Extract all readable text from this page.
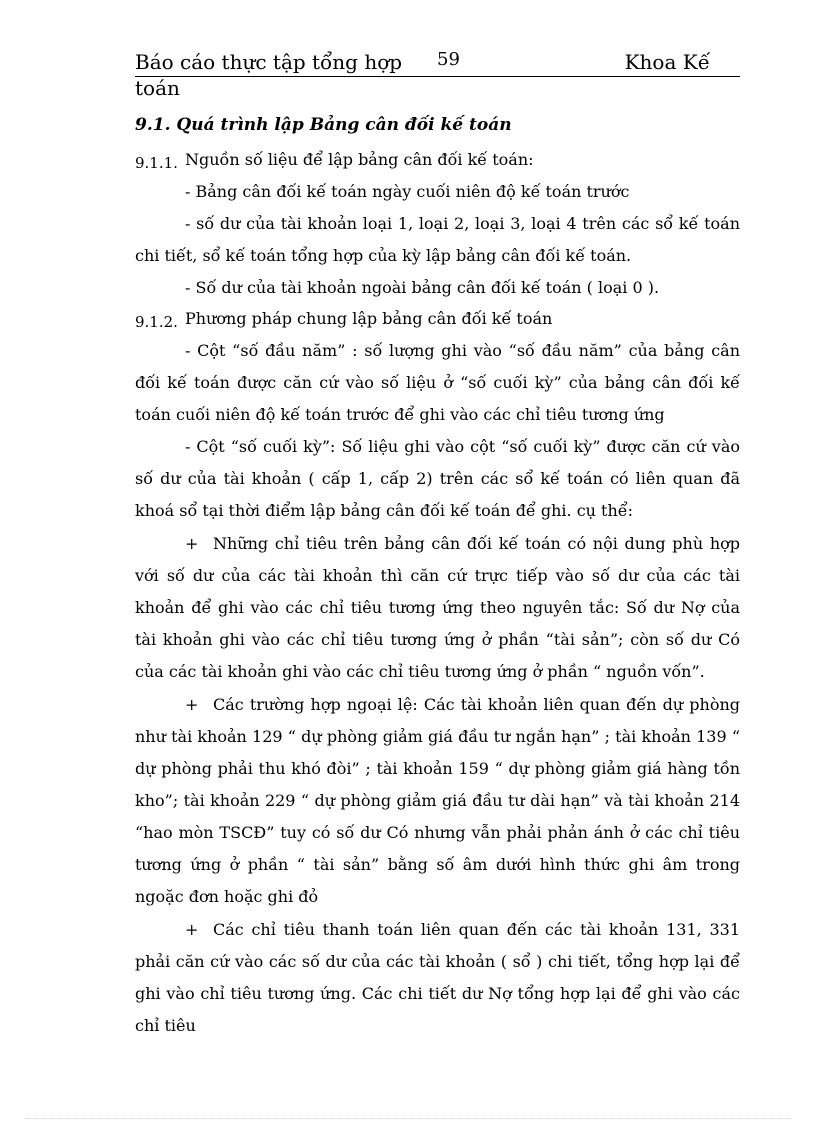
Báo cáo thực tập tổng hợp 59	Khoa Kế
toán
9.1. Quá trình lập Bảng cân đối kế toán

9.1.1. Nguồn số liệu để lập bảng cân đối kế toán:

- Bảng cân đối kế toán ngày cuối niên độ kế toán trước

- số dư của tài khoản loại 1, loại 2, loại 3, loại 4 trên các sổ kế toán chi tiết, sổ kế toán tổng hợp của kỳ lập bảng cân đối kế toán.

- Số dư của tài khoản ngoài bảng cân đối kế toán ( loại 0 ).

9.1.2. Phương pháp chung lập bảng cân đối kế toán

- Cột “số đầu năm” : số lượng ghi vào “số đầu năm” của bảng cân đối kế toán được căn cứ vào số liệu ở “số cuối kỳ” của bảng cân đối kế toán cuối niên độ kế toán trước để ghi vào các chỉ tiêu tương ứng

- Cột “số cuối kỳ”: Số liệu ghi vào cột “số cuối kỳ” được căn cứ vào số dư của tài khoản ( cấp 1, cấp 2) trên các sổ kế toán có liên quan đã khoá sổ tại thời điểm lập bảng cân đối kế toán để ghi. cụ thể:

+ Những chỉ tiêu trên bảng cân đối kế toán có nội dung phù hợp với số dư của các tài khoản thì căn cứ trực tiếp vào số dư của các tài khoản để ghi vào các chỉ tiêu tương ứng theo nguyên tắc: Số dư Nợ của tài khoản ghi vào các chỉ tiêu tương ứng ở phần “tài sản”; còn số dư Có của các tài khoản ghi vào các chỉ tiêu tương ứng ở phần “ nguồn vốn”.

+ Các trường hợp ngoại lệ: Các tài khoản liên quan đến dự phòng như tài khoản 129 “ dự phòng giảm giá đầu tư ngắn hạn” ; tài khoản 139 “ dự phòng phải thu khó đòi” ; tài khoản 159 “ dự phòng giảm giá hàng tồn kho”; tài khoản 229 “ dự phòng giảm giá đầu tư dài hạn” và tài khoản 214 “hao mòn TSCĐ” tuy có số dư Có nhưng vẫn phải phản ánh ở các chỉ tiêu tương ứng ở phần “ tài sản” bằng số âm dưới hình thức ghi âm trong ngoặc đơn hoặc ghi đỏ

+ Các chỉ tiêu thanh toán liên quan đến các tài khoản 131, 331 phải căn cứ vào các số dư của các tài khoản ( sổ ) chi tiết, tổng hợp lại để ghi vào chỉ tiêu tương ứng. Các chi tiết dư Nợ tổng hợp lại để ghi vào các chỉ tiêu
